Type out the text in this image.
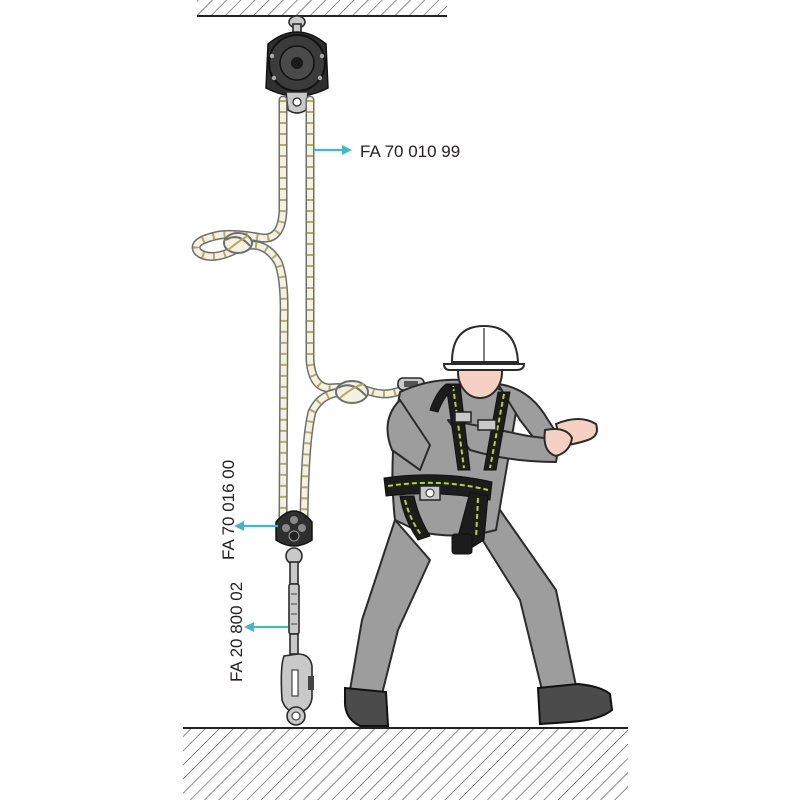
FA 70 010 99
FA 70 016 00
FA 20 800 02
